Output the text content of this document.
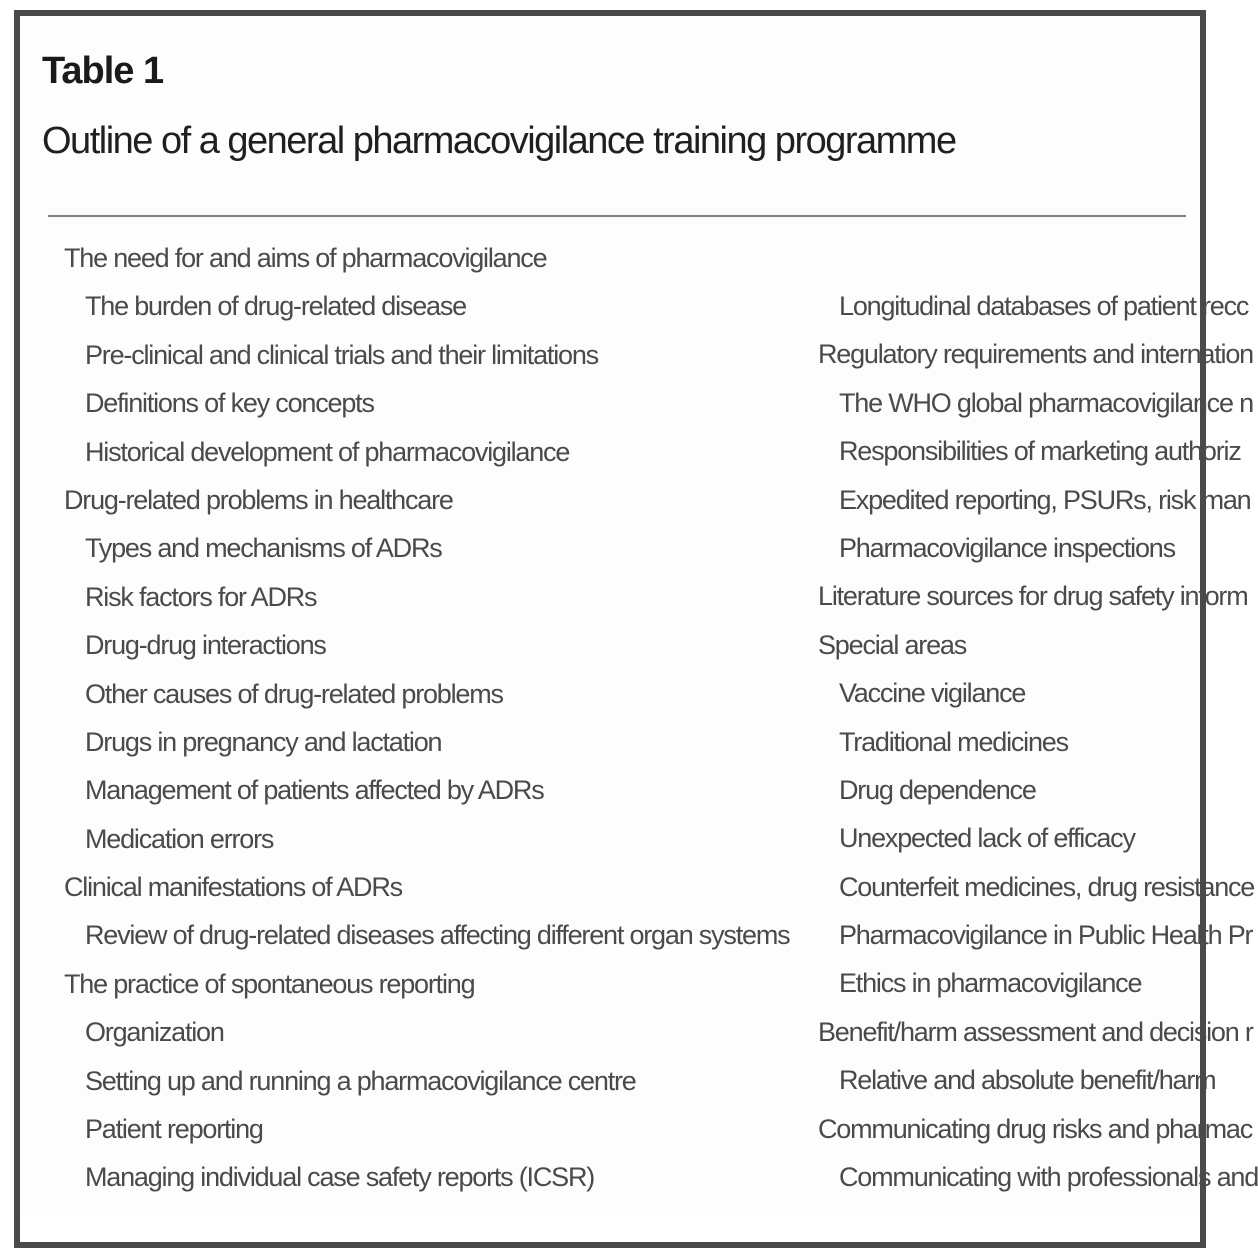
Table 1
Outline of a general pharmacovigilance training programme
The need for and aims of pharmacovigilance
The burden of drug-related disease
Pre-clinical and clinical trials and their limitations
Definitions of key concepts
Historical development of pharmacovigilance
Drug-related problems in healthcare
Types and mechanisms of ADRs
Risk factors for ADRs
Drug-drug interactions
Other causes of drug-related problems
Drugs in pregnancy and lactation
Management of patients affected by ADRs
Medication errors
Clinical manifestations of ADRs
Review of drug-related diseases affecting different organ systems
The practice of spontaneous reporting
Organization
Setting up and running a pharmacovigilance centre
Patient reporting
Managing individual case safety reports (ICSR)
Longitudinal databases of patient recc
Regulatory requirements and internation
The WHO global pharmacovigilance n
Responsibilities of marketing authoriz
Expedited reporting, PSURs, risk man
Pharmacovigilance inspections
Literature sources for drug safety inform
Special areas
Vaccine vigilance
Traditional medicines
Drug dependence
Unexpected lack of efficacy
Counterfeit medicines, drug resistance
Pharmacovigilance in Public Health Pr
Ethics in pharmacovigilance
Benefit/harm assessment and decision r
Relative and absolute benefit/harm
Communicating drug risks and pharmac
Communicating with professionals and
